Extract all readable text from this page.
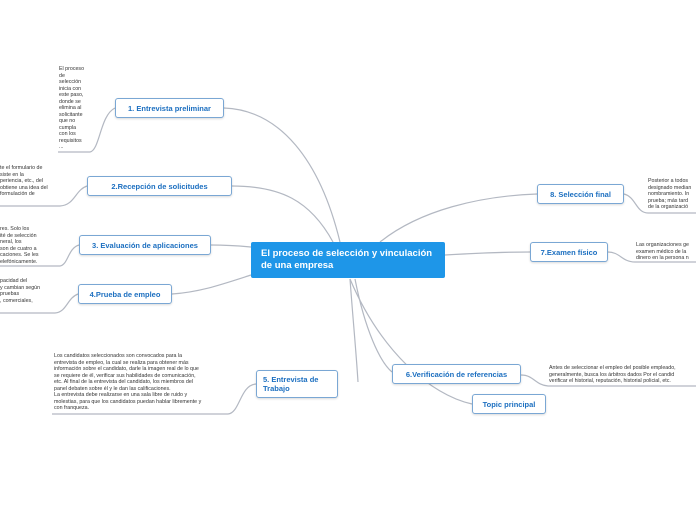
El proceso de selección y vinculación de una empresa
1. Entrevista preliminar
2.Recepción de solicitudes
3. Evaluación de aplicaciones
4.Prueba de empleo
5. Entrevista de Trabajo
6.Verificación de referencias
7.Examen físico
8. Selección final
Topic principal
El proceso
de
selección
inicia con
este paso,
donde se
elimina al
solicitante
que no
cumpla
con los
requisitos
...
te el formulario de
siste en la
periencia, etc., del
obtiene una idea del
formulación de
res. Solo los
ité de selección
neral, los
son de cuatro a
caciones. Se les
elefónicamente.
pacidad del
y cambian según
pruebas
, comerciales,
Los candidatos seleccionados son convocados para la
entrevista de empleo, la cual se realiza para obtener más
información sobre el candidato, darle la imagen real de lo que
se requiere de él, verificar sus habilidades de comunicación,
etc. Al final de la entrevista del candidato, los miembros del
panel debaten sobre él y le dan las calificaciones.
La entrevista debe realizarse en una sala libre de ruido y
molestias, para que los candidatos puedan hablar libremente y
con franqueza.
Antes de seleccionar el empleo del posible empleado,
generalmente, busca los árbitros dados Por el candid
verificar el historial, reputación, historial policial, etc.
Las organizaciones ge
examen médico de la
dinero en la persona n
Posterior a todos
designado median
nombramiento. In
prueba; más tard
de la organizació
